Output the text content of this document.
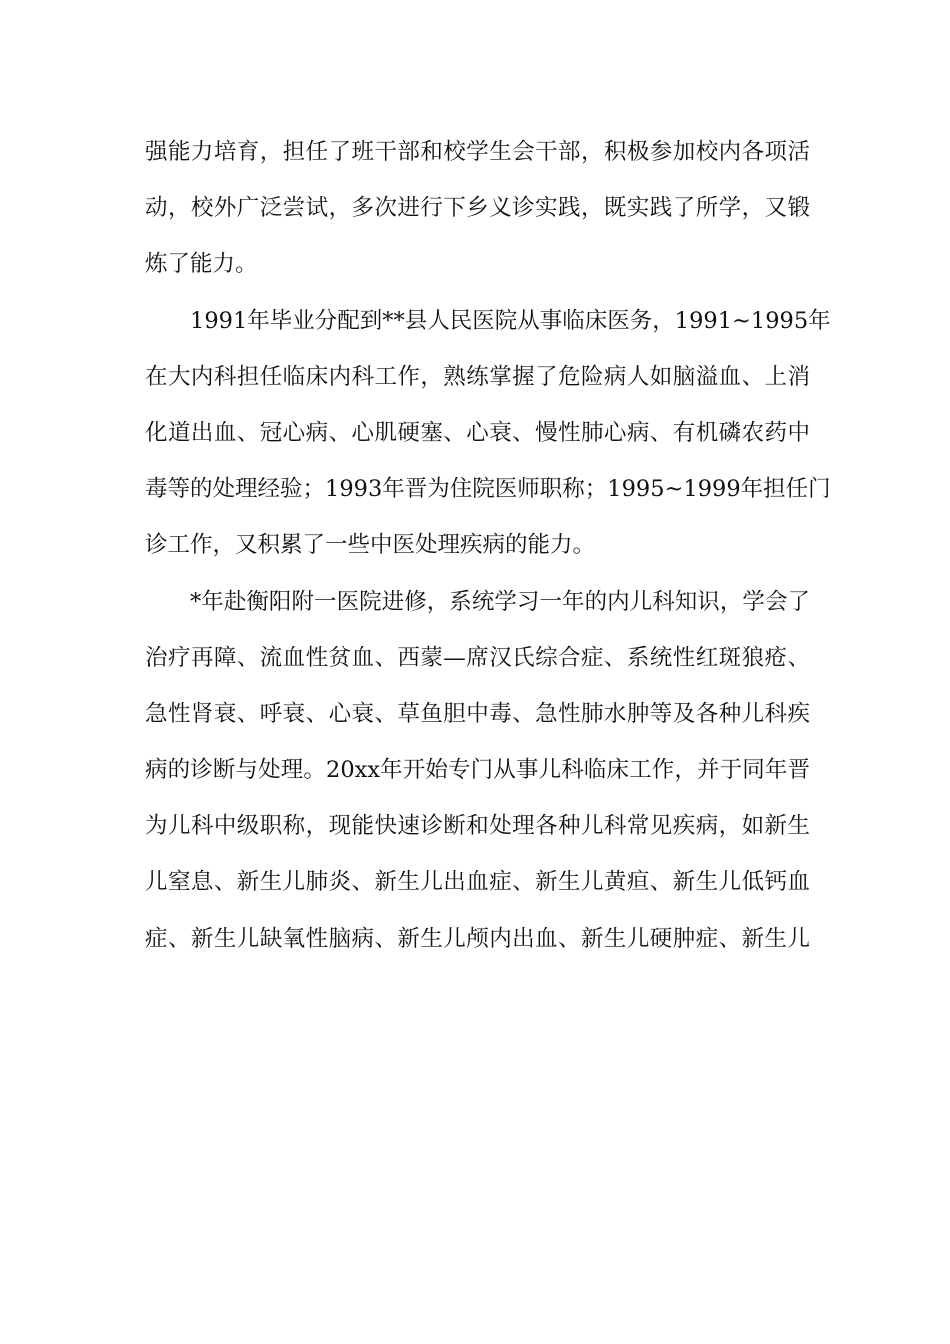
强能力培育，担任了班干部和校学生会干部，积极参加校内各项活
动，校外广泛尝试，多次进行下乡义诊实践，既实践了所学，又锻
炼了能力。
1991年毕业分配到**县人民医院从事临床医务，1991~1995年
在大内科担任临床内科工作，熟练掌握了危险病人如脑溢血、上消
化道出血、冠心病、心肌硬塞、心衰、慢性肺心病、有机磷农药中
毒等的处理经验；1993年晋为住院医师职称；1995~1999年担任门
诊工作，又积累了一些中医处理疾病的能力。
*年赴衡阳附一医院进修，系统学习一年的内儿科知识，学会了
治疗再障、流血性贫血、西蒙—席汉氏综合症、系统性红斑狼疮、
急性肾衰、呼衰、心衰、草鱼胆中毒、急性肺水肿等及各种儿科疾
病的诊断与处理。20xx年开始专门从事儿科临床工作，并于同年晋
为儿科中级职称，现能快速诊断和处理各种儿科常见疾病，如新生
儿窒息、新生儿肺炎、新生儿出血症、新生儿黄疸、新生儿低钙血
症、新生儿缺氧性脑病、新生儿颅内出血、新生儿硬肿症、新生儿
